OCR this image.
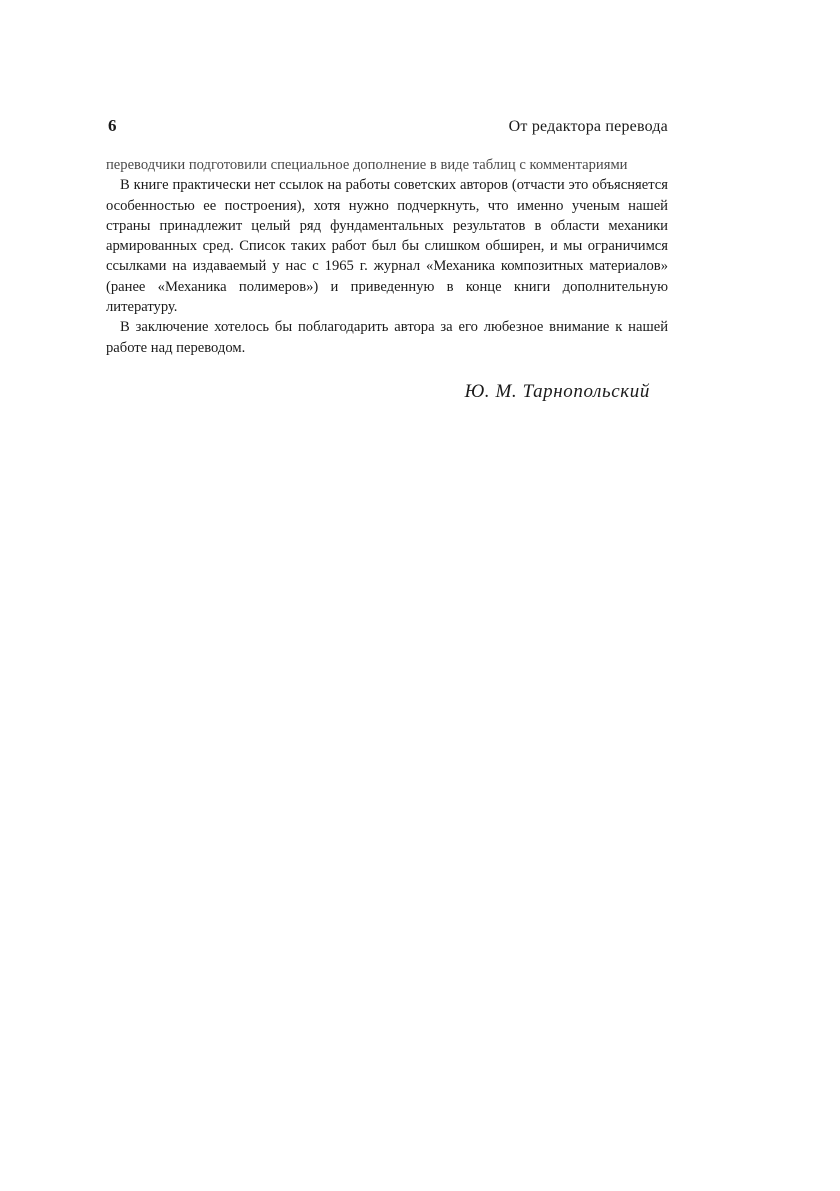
6	От редактора перевода

переводчики подготовили специальное дополнение в виде таблиц с комментариями

В книге практически нет ссылок на работы советских авторов (отчасти это объясняется особенностью ее построения), хотя нужно подчеркнуть, что именно ученым нашей страны принадлежит целый ряд фундаментальных результатов в области механики армированных сред. Список таких работ был бы слишком обширен, и мы ограничимся ссылками на издаваемый у нас с 1965 г. журнал «Механика композитных материалов» (ранее «Механика полимеров») и приведенную в конце книги дополнительную литературу.

В заключение хотелось бы поблагодарить автора за его любезное внимание к нашей работе над переводом.

Ю. М. Тарнопольский
